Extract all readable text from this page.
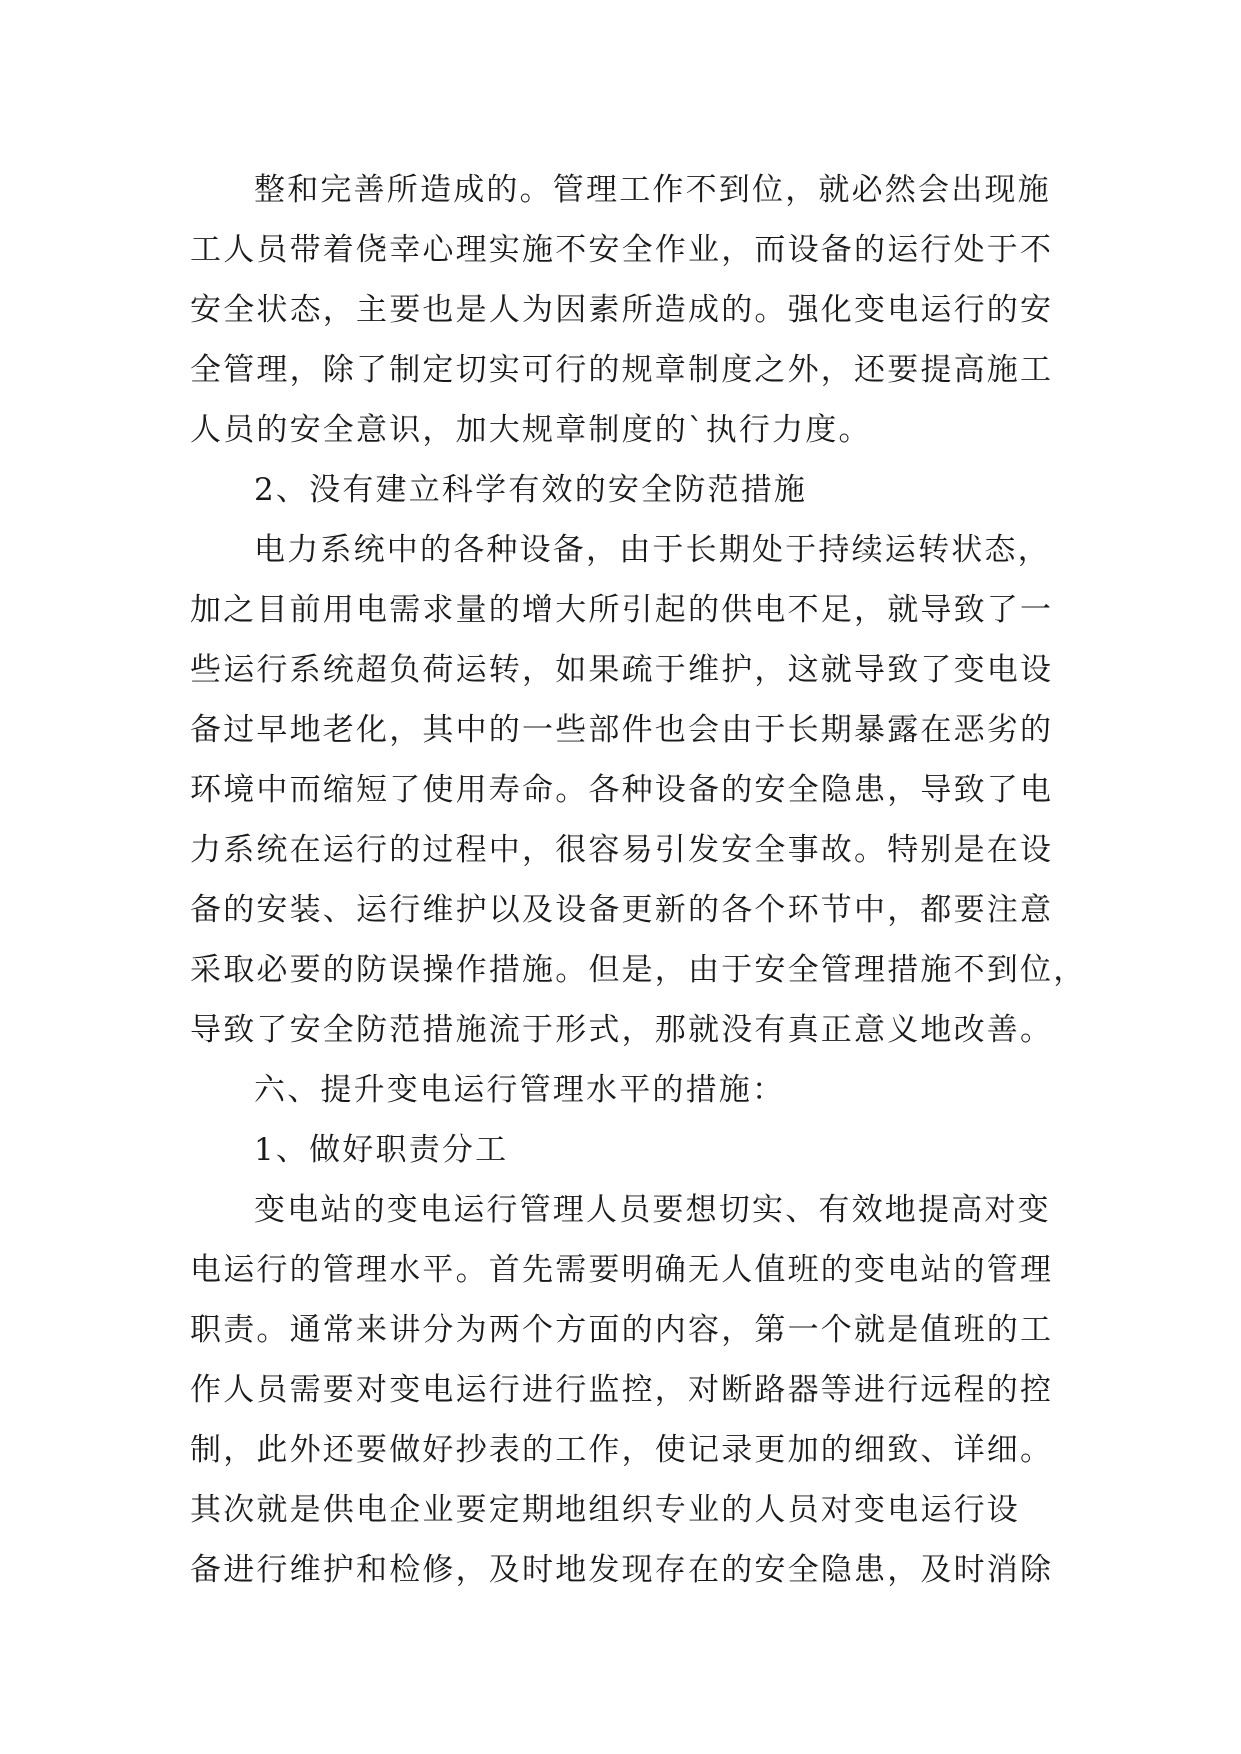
整和完善所造成的。管理工作不到位，就必然会出现施
工人员带着侥幸心理实施不安全作业，而设备的运行处于不
安全状态，主要也是人为因素所造成的。强化变电运行的安
全管理，除了制定切实可行的规章制度之外，还要提高施工
人员的安全意识，加大规章制度的`执行力度。
2、没有建立科学有效的安全防范措施
电力系统中的各种设备，由于长期处于持续运转状态，
加之目前用电需求量的增大所引起的供电不足，就导致了一
些运行系统超负荷运转，如果疏于维护，这就导致了变电设
备过早地老化，其中的一些部件也会由于长期暴露在恶劣的
环境中而缩短了使用寿命。各种设备的安全隐患，导致了电
力系统在运行的过程中，很容易引发安全事故。特别是在设
备的安装、运行维护以及设备更新的各个环节中，都要注意
采取必要的防误操作措施。但是，由于安全管理措施不到位，
导致了安全防范措施流于形式，那就没有真正意义地改善。
六、提升变电运行管理水平的措施：
1、做好职责分工
变电站的变电运行管理人员要想切实、有效地提高对变
电运行的管理水平。首先需要明确无人值班的变电站的管理
职责。通常来讲分为两个方面的内容，第一个就是值班的工
作人员需要对变电运行进行监控，对断路器等进行远程的控
制，此外还要做好抄表的工作，使记录更加的细致、详细。
其次就是供电企业要定期地组织专业的人员对变电运行设
备进行维护和检修，及时地发现存在的安全隐患，及时消除
